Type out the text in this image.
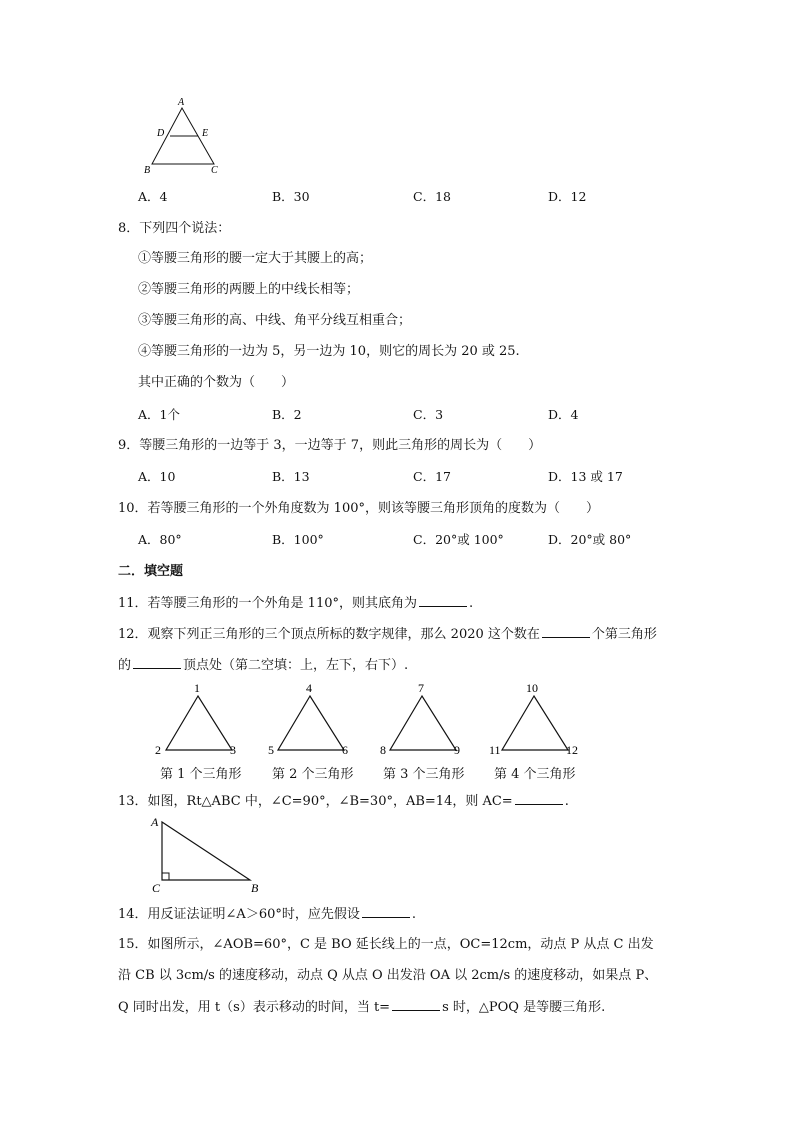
A
D	E
B	C
A．4	B．30	C．18	D．12
8．下列四个说法：
①等腰三角形的腰一定大于其腰上的高；
②等腰三角形的两腰上的中线长相等；
③等腰三角形的高、中线、角平分线互相重合；
④等腰三角形的一边为 5，另一边为 10，则它的周长为 20 或 25.
其中正确的个数为（　　）
A．1个	B．2	C．3	D．4
9．等腰三角形的一边等于 3，一边等于 7，则此三角形的周长为（　　）
A．10	B．13	C．17	D．13 或 17
10．若等腰三角形的一个外角度数为 100°，则该等腰三角形顶角的度数为（　　）
A．80°	B．100°	C．20°或 100°	D．20°或 80°
二．填空题
11．若等腰三角形的一个外角是 110°，则其底角为	.
12．观察下列正三角形的三个顶点所标的数字规律，那么 2020 这个数在	个第三角形
的	顶点处（第二空填：上，左下，右下）.
1
2	3
4
5	6
7
8	9
10
11	12
第 1 个三角形 第 2 个三角形 第 3 个三角形 第 4 个三角形
13．如图，Rt△ABC 中，∠C=90°，∠B=30°，AB=14，则 AC=	.
A
C	B
14．用反证法证明∠A＞60°时，应先假设	.
15．如图所示，∠AOB=60°，C 是 BO 延长线上的一点，OC=12cm，动点 P 从点 C 出发
沿 CB 以 3cm/s 的速度移动，动点 Q 从点 O 出发沿 OA 以 2cm/s 的速度移动，如果点 P、
Q 同时出发，用 t（s）表示移动的时间，当 t=	s 时，△POQ 是等腰三角形.
